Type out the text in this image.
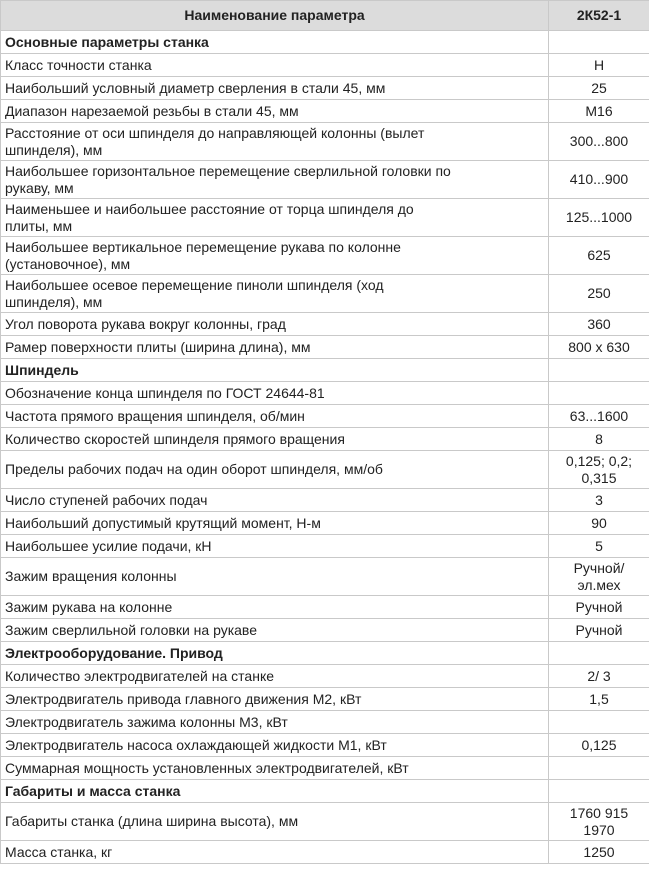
Наименование параметра	2К52-1
Основные параметры станка	
Класс точности станка	Н
Наибольший условный диаметр сверления в стали 45, мм	25
Диапазон нарезаемой резьбы в стали 45, мм	М16
Расстояние от оси шпинделя до направляющей колонны (вылет шпинделя), мм	300...800
Наибольшее горизонтальное перемещение сверлильной головки по рукаву, мм	410...900
Наименьшее и наибольшее расстояние от торца шпинделя до плиты, мм	125...1000
Наибольшее вертикальное перемещение рукава по колонне (установочное), мм	625
Наибольшее осевое перемещение пиноли шпинделя (ход шпинделя), мм	250
Угол поворота рукава вокруг колонны, град	360
Рамер поверхности плиты (ширина длина), мм	800 х 630
Шпиндель	
Обозначение конца шпинделя по ГОСТ 24644-81	
Частота прямого вращения шпинделя, об/мин	63...1600
Количество скоростей шпинделя прямого вращения	8
Пределы рабочих подач на один оборот шпинделя, мм/об	0,125; 0,2; 0,315
Число ступеней рабочих подач	3
Наибольший допустимый крутящий момент, Н-м	90
Наибольшее усилие подачи, кН	5
Зажим вращения колонны	Ручной/ эл.мех
Зажим рукава на колонне	Ручной
Зажим сверлильной головки на рукаве	Ручной
Электрооборудование. Привод	
Количество электродвигателей на станке	2/ 3
Электродвигатель привода главного движения М2, кВт	1,5
Электродвигатель зажима колонны М3, кВт	
Электродвигатель насоса охлаждающей жидкости М1, кВт	0,125
Суммарная мощность установленных электродвигателей, кВт	
Габариты и масса станка	
Габариты станка (длина ширина высота), мм	1760 915 1970
Масса станка, кг	1250
